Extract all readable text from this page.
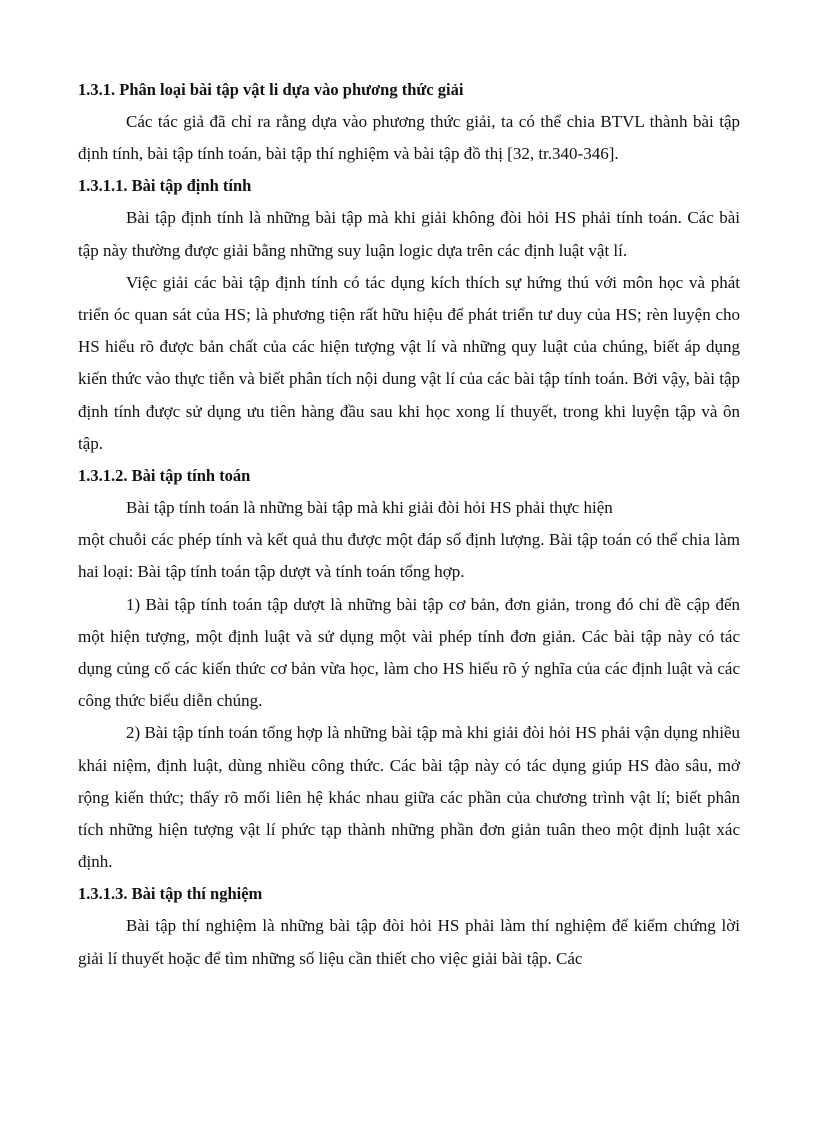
1.3.1. Phân loại bài tập vật li dựa vào phương thức giải

Các tác giả đã chỉ ra rằng dựa vào phương thức giải, ta có thể chia BTVL thành bài tập định tính, bài tập tính toán, bài tập thí nghiệm và bài tập đồ thị [32, tr.340-346].

1.3.1.1. Bài tập định tính

Bài tập định tính là những bài tập mà khi giải không đòi hỏi HS phải tính toán. Các bài tập này thường được giải bằng những suy luận logic dựa trên các định luật vật lí.

Việc giải các bài tập định tính có tác dụng kích thích sự hứng thú với môn học và phát triển óc quan sát của HS; là phương tiện rất hữu hiệu để phát triển tư duy của HS; rèn luyện cho HS hiểu rõ được bản chất của các hiện tượng vật lí và những quy luật của chúng, biết áp dụng kiến thức vào thực tiễn và biết phân tích nội dung vật lí của các bài tập tính toán. Bởi vậy, bài tập định tính được sử dụng ưu tiên hàng đầu sau khi học xong lí thuyết, trong khi luyện tập và ôn tập.

1.3.1.2. Bài tập tính toán

Bài tập tính toán là những bài tập mà khi giải đòi hỏi HS phải thực hiện

một chuỗi các phép tính và kết quả thu được một đáp số định lượng. Bài tập toán có thể chia làm hai loại: Bài tập tính toán tập dượt và tính toán tổng hợp.

1) Bài tập tính toán tập dượt là những bài tập cơ bản, đơn giản, trong đó chỉ đề cập đến một hiện tượng, một định luật và sử dụng một vài phép tính đơn giản. Các bài tập này có tác dụng củng cố các kiến thức cơ bản vừa học, làm cho HS hiểu rõ ý nghĩa của các định luật và các công thức biểu diễn chúng.

2) Bài tập tính toán tổng hợp là những bài tập mà khi giải đòi hỏi HS phải vận dụng nhiều khái niệm, định luật, dùng nhiều công thức. Các bài tập này có tác dụng giúp HS đào sâu, mở rộng kiến thức; thấy rõ mối liên hệ khác nhau giữa các phần của chương trình vật lí; biết phân tích những hiện tượng vật lí phức tạp thành những phần đơn giản tuân theo một định luật xác định.

1.3.1.3. Bài tập thí nghiệm

Bài tập thí nghiệm là những bài tập đòi hỏi HS phải làm thí nghiệm để kiểm chứng lời giải lí thuyết hoặc để tìm những số liệu cần thiết cho việc giải bài tập. Các
